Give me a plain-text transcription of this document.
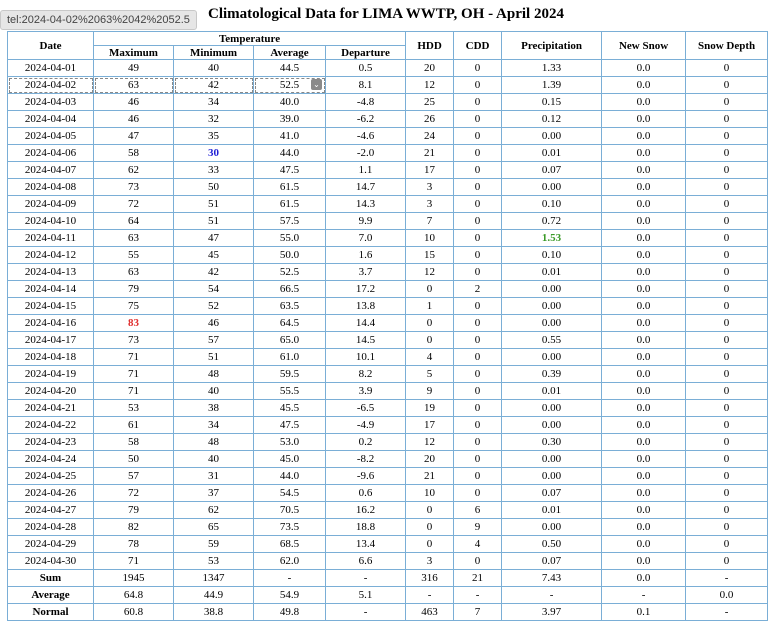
tel:2024-04-02%2063%2042%2052.5	Climatological Data for LIMA WWTP, OH - April 2024
Date	Temperature				HDD	CDD	Precipitation	New Snow	Snow Depth
	Maximum	Minimum	Average	Departure					
2024-04-01	49	40	44.5	0.5	20	0	1.33	0.0	0
2024-04-02	63	42	52.5 ⌄	8.1	12	0	1.39	0.0	0
2024-04-03	46	34	40.0	-4.8	25	0	0.15	0.0	0
2024-04-04	46	32	39.0	-6.2	26	0	0.12	0.0	0
2024-04-05	47	35	41.0	-4.6	24	0	0.00	0.0	0
2024-04-06	58	30	44.0	-2.0	21	0	0.01	0.0	0
2024-04-07	62	33	47.5	1.1	17	0	0.07	0.0	0
2024-04-08	73	50	61.5	14.7	3	0	0.00	0.0	0
2024-04-09	72	51	61.5	14.3	3	0	0.10	0.0	0
2024-04-10	64	51	57.5	9.9	7	0	0.72	0.0	0
2024-04-11	63	47	55.0	7.0	10	0	1.53	0.0	0
2024-04-12	55	45	50.0	1.6	15	0	0.10	0.0	0
2024-04-13	63	42	52.5	3.7	12	0	0.01	0.0	0
2024-04-14	79	54	66.5	17.2	0	2	0.00	0.0	0
2024-04-15	75	52	63.5	13.8	1	0	0.00	0.0	0
2024-04-16	83	46	64.5	14.4	0	0	0.00	0.0	0
2024-04-17	73	57	65.0	14.5	0	0	0.55	0.0	0
2024-04-18	71	51	61.0	10.1	4	0	0.00	0.0	0
2024-04-19	71	48	59.5	8.2	5	0	0.39	0.0	0
2024-04-20	71	40	55.5	3.9	9	0	0.01	0.0	0
2024-04-21	53	38	45.5	-6.5	19	0	0.00	0.0	0
2024-04-22	61	34	47.5	-4.9	17	0	0.00	0.0	0
2024-04-23	58	48	53.0	0.2	12	0	0.30	0.0	0
2024-04-24	50	40	45.0	-8.2	20	0	0.00	0.0	0
2024-04-25	57	31	44.0	-9.6	21	0	0.00	0.0	0
2024-04-26	72	37	54.5	0.6	10	0	0.07	0.0	0
2024-04-27	79	62	70.5	16.2	0	6	0.01	0.0	0
2024-04-28	82	65	73.5	18.8	0	9	0.00	0.0	0
2024-04-29	78	59	68.5	13.4	0	4	0.50	0.0	0
2024-04-30	71	53	62.0	6.6	3	0	0.07	0.0	0
Sum	1945	1347	-	-	316	21	7.43	0.0	-
Average	64.8	44.9	54.9	5.1	-	-	-	-	0.0
Normal	60.8	38.8	49.8	-	463	7	3.97	0.1	-
